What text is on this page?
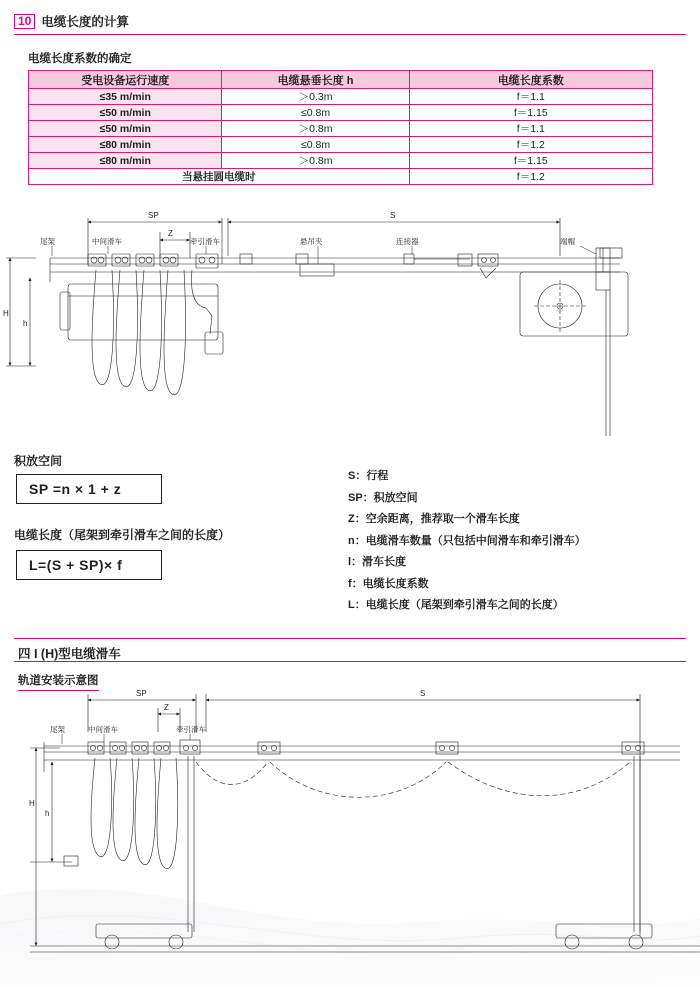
10 电缆长度的计算
电缆长度系数的确定
受电设备运行速度	电缆悬垂长度 h	电缆长度系数
≤35 m/min	＞0.3m	f＝1.1
≤50 m/min	≤0.8m	f＝1.15
≤50 m/min	＞0.8m	f＝1.1
≤80 m/min	≤0.8m	f＝1.2
≤80 m/min	＞0.8m	f＝1.15
当悬挂圆电缆时		f＝1.2
SP	S
Z
H
h
尾架	中间滑车	牵引滑车	悬吊夹	连接器	端帽
积放空间
SP =n × 1 + z
电缆长度（尾架到牵引滑车之间的长度）
L=(S + SP)× f
S：行程
SP：积放空间
Z：空余距离，推荐取一个滑车长度
n：电缆滑车数量（只包括中间滑车和牵引滑车）
l：滑车长度
f：电缆长度系数
L：电缆长度（尾架到牵引滑车之间的长度）
四 I (H)型电缆滑车
轨道安装示意图
SP	S
Z
H
h
尾架	中间滑车	牵引滑车
